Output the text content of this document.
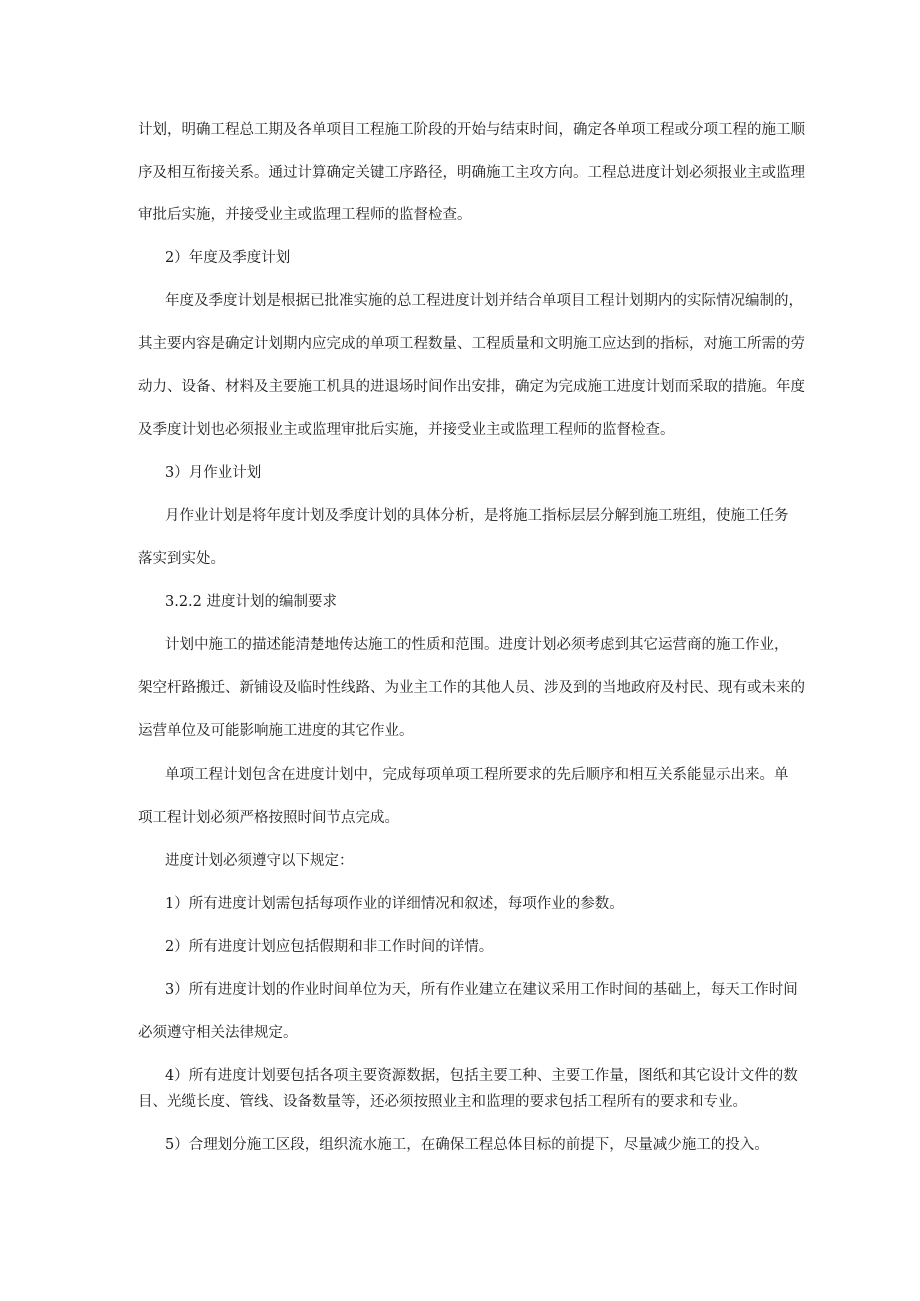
计划，明确工程总工期及各单项目工程施工阶段的开始与结束时间，确定各单项工程或分项工程的施工顺

序及相互衔接关系。通过计算确定关键工序路径，明确施工主攻方向。工程总进度计划必须报业主或监理

审批后实施，并接受业主或监理工程师的监督检查。

2）年度及季度计划

年度及季度计划是根据已批准实施的总工程进度计划并结合单项目工程计划期内的实际情况编制的，

其主要内容是确定计划期内应完成的单项工程数量、工程质量和文明施工应达到的指标，对施工所需的劳

动力、设备、材料及主要施工机具的进退场时间作出安排，确定为完成施工进度计划而采取的措施。年度

及季度计划也必须报业主或监理审批后实施，并接受业主或监理工程师的监督检查。

3）月作业计划

月作业计划是将年度计划及季度计划的具体分析，是将施工指标层层分解到施工班组，使施工任务

落实到实处。

3.2.2 进度计划的编制要求

计划中施工的描述能清楚地传达施工的性质和范围。进度计划必须考虑到其它运营商的施工作业，

架空杆路搬迁、新铺设及临时性线路、为业主工作的其他人员、涉及到的当地政府及村民、现有或未来的

运营单位及可能影响施工进度的其它作业。

单项工程计划包含在进度计划中，完成每项单项工程所要求的先后顺序和相互关系能显示出来。单

项工程计划必须严格按照时间节点完成。

进度计划必须遵守以下规定：

1）所有进度计划需包括每项作业的详细情况和叙述，每项作业的参数。

2）所有进度计划应包括假期和非工作时间的详情。

3）所有进度计划的作业时间单位为天，所有作业建立在建议采用工作时间的基础上，每天工作时间

必须遵守相关法律规定。

4）所有进度计划要包括各项主要资源数据，包括主要工种、主要工作量，图纸和其它设计文件的数

目、光缆长度、管线、设备数量等，还必须按照业主和监理的要求包括工程所有的要求和专业。

5）合理划分施工区段，组织流水施工，在确保工程总体目标的前提下，尽量减少施工的投入。
